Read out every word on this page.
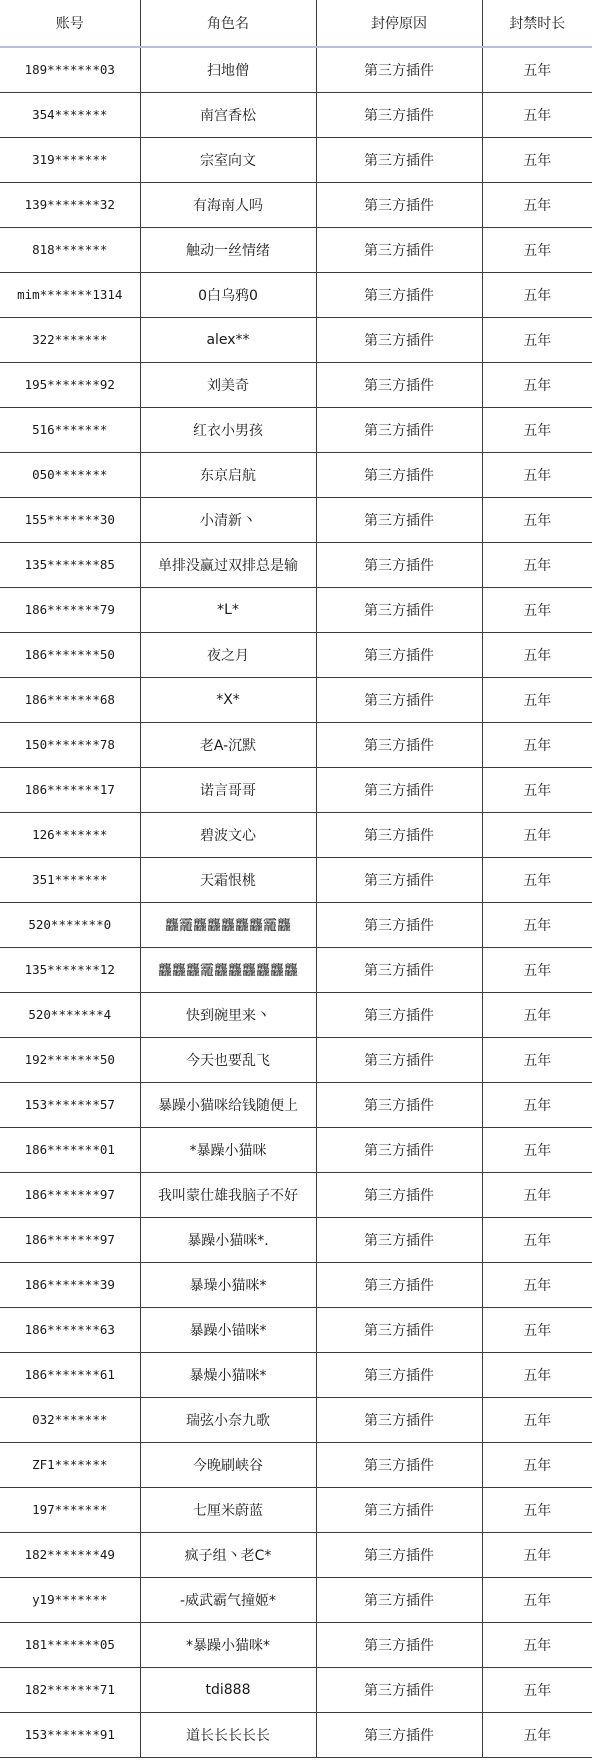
账号	角色名	封停原因	封禁时长
189*******03	扫地僧	第三方插件	五年
354*******	南宫香松	第三方插件	五年
319*******	宗室向文	第三方插件	五年
139*******32	有海南人吗	第三方插件	五年
818*******	触动一丝情绪	第三方插件	五年
mim*******1314	0白乌鸦0	第三方插件	五年
322*******	alex**	第三方插件	五年
195*******92	刘美奇	第三方插件	五年
516*******	红衣小男孩	第三方插件	五年
050*******	东京启航	第三方插件	五年
155*******30	小清新丶	第三方插件	五年
135*******85	单排没赢过双排总是输	第三方插件	五年
186*******79	*L*	第三方插件	五年
186*******50	夜之月	第三方插件	五年
186*******68	*X*	第三方插件	五年
150*******78	老A-沉默	第三方插件	五年
186*******17	诺言哥哥	第三方插件	五年
126*******	碧波文心	第三方插件	五年
351*******	天霜恨桃	第三方插件	五年
520*******0	龘龗龘龘龘龘龘龗龘	第三方插件	五年
135*******12	龘龘龘龗龘龘龘龘龘龘	第三方插件	五年
520*******4	快到碗里来丶	第三方插件	五年
192*******50	今天也要乱飞	第三方插件	五年
153*******57	暴躁小猫咪给钱随便上	第三方插件	五年
186*******01	*暴躁小猫咪	第三方插件	五年
186*******97	我叫蒙仕雄我脑子不好	第三方插件	五年
186*******97	暴躁小猫咪*.	第三方插件	五年
186*******39	暴璪小猫咪*	第三方插件	五年
186*******63	暴躁小锚咪*	第三方插件	五年
186*******61	暴燥小猫咪*	第三方插件	五年
032*******	瑞弦小奈九歌	第三方插件	五年
ZF1*******	今晚刷峡谷	第三方插件	五年
197*******	七厘米蔚蓝	第三方插件	五年
182*******49	疯子组丶老C*	第三方插件	五年
y19*******	-威武霸气撞姬*	第三方插件	五年
181*******05	*暴躁小猫咪*	第三方插件	五年
182*******71	tdi888	第三方插件	五年
153*******91	道长长长长长	第三方插件	五年
